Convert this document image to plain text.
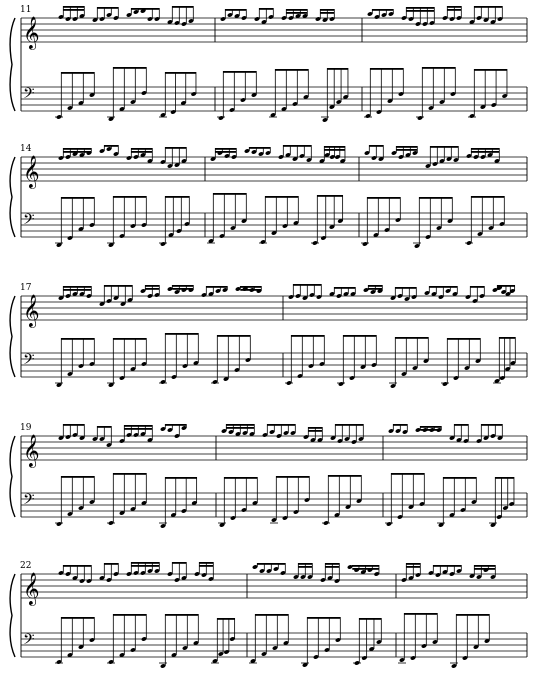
11
𝄞
𝄢
14
𝄞
𝄢
17
𝄞
𝄢
19
𝄞
𝄢
22
𝄞
𝄢
